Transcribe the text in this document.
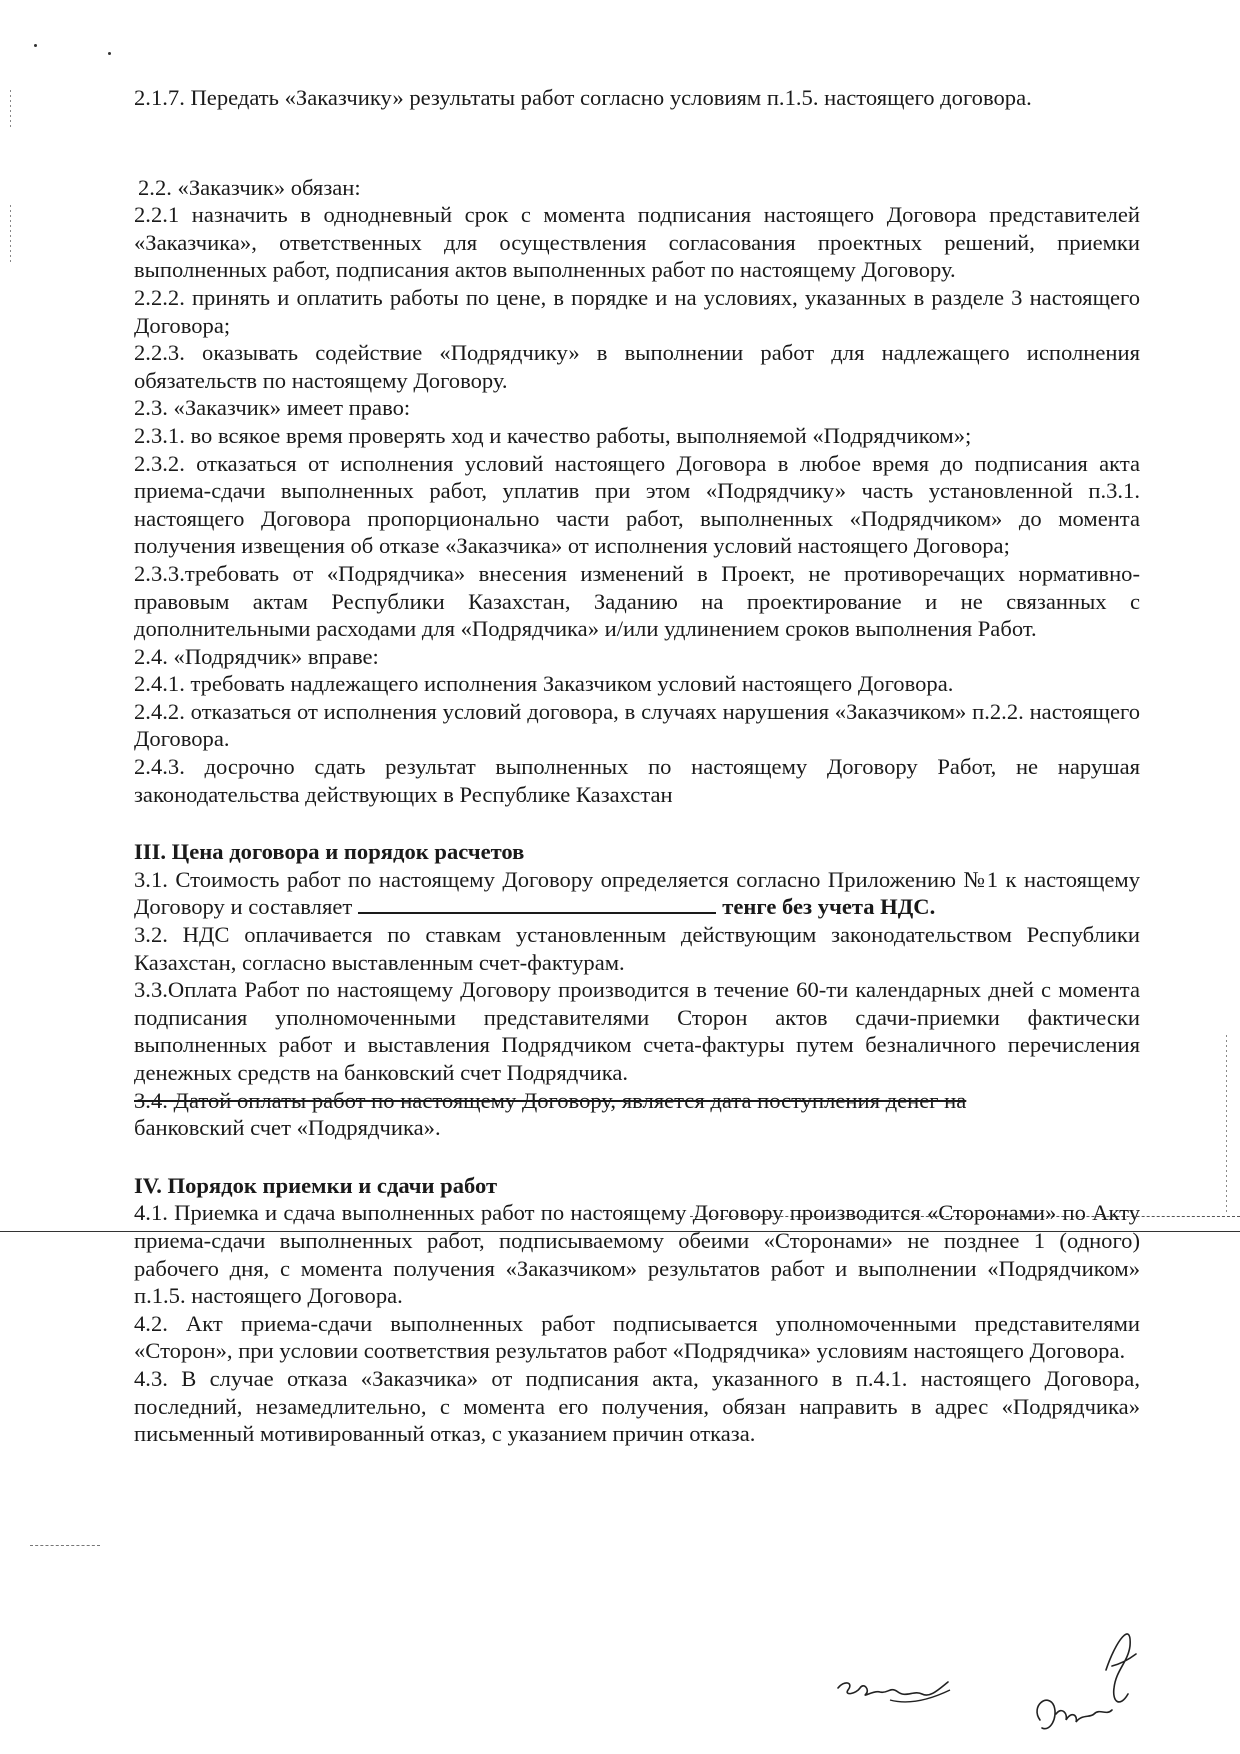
2.1.7. Передать «Заказчику» результаты работ согласно условиям п.1.5. настоящего договора.

2.2. «Заказчик» обязан:

2.2.1 назначить в однодневный срок с момента подписания настоящего Договора представителей «Заказчика», ответственных для осуществления согласования проектных решений, приемки выполненных работ, подписания актов выполненных работ по настоящему Договору.

2.2.2. принять и оплатить работы по цене, в порядке и на условиях, указанных в разделе 3 настоящего Договора;

2.2.3. оказывать содействие «Подрядчику» в выполнении работ для надлежащего исполнения обязательств по настоящему Договору.

2.3. «Заказчик» имеет право:

2.3.1. во всякое время проверять ход и качество работы, выполняемой «Подрядчиком»;

2.3.2. отказаться от исполнения условий настоящего Договора в любое время до подписания акта приема-сдачи выполненных работ, уплатив при этом «Подрядчику» часть установленной п.3.1. настоящего Договора пропорционально части работ, выполненных «Подрядчиком» до момента получения извещения об отказе «Заказчика» от исполнения условий настоящего Договора;

2.3.3.требовать от «Подрядчика» внесения изменений в Проект, не противоречащих нормативно-правовым актам Республики Казахстан, Заданию на проектирование и не связанных с дополнительными расходами для «Подрядчика» и/или удлинением сроков выполнения Работ.

2.4. «Подрядчик» вправе:

2.4.1. требовать надлежащего исполнения Заказчиком условий настоящего Договора.

2.4.2. отказаться от исполнения условий договора, в случаях нарушения «Заказчиком» п.2.2. настоящего Договора.

2.4.3. досрочно сдать результат выполненных по настоящему Договору Работ, не нарушая законодательства действующих в Республике Казахстан

III. Цена договора и порядок расчетов

3.1. Стоимость работ по настоящему Договору определяется согласно Приложению №1 к настоящему Договору и составляет	тенге без учета НДС.

3.2. НДС оплачивается по ставкам установленным действующим законодательством Республики Казахстан, согласно выставленным счет-фактурам.

3.3.Оплата Работ по настоящему Договору производится в течение 60-ти календарных дней с момента подписания уполномоченными представителями Сторон актов сдачи-приемки фактически выполненных работ и выставления Подрядчиком счета-фактуры путем безналичного перечисления денежных средств на банковский счет Подрядчика.

3.4. Датой оплаты работ по настоящему Договору, является дата поступления денег на
банковский счет «Подрядчика».

IV. Порядок приемки и сдачи работ

4.1. Приемка и сдача выполненных работ по настоящему Договору производится «Сторонами» по Акту приема-сдачи выполненных работ, подписываемому обеими «Сторонами» не позднее 1 (одного) рабочего дня, с момента получения «Заказчиком» результатов работ и выполнении «Подрядчиком» п.1.5. настоящего Договора.

4.2. Акт приема-сдачи выполненных работ подписывается уполномоченными представителями «Сторон», при условии соответствия результатов работ «Подрядчика» условиям настоящего Договора.

4.3. В случае отказа «Заказчика» от подписания акта, указанного в п.4.1. настоящего Договора, последний, незамедлительно, с момента его получения, обязан направить в адрес «Подрядчика» письменный мотивированный отказ, с указанием причин отказа.
